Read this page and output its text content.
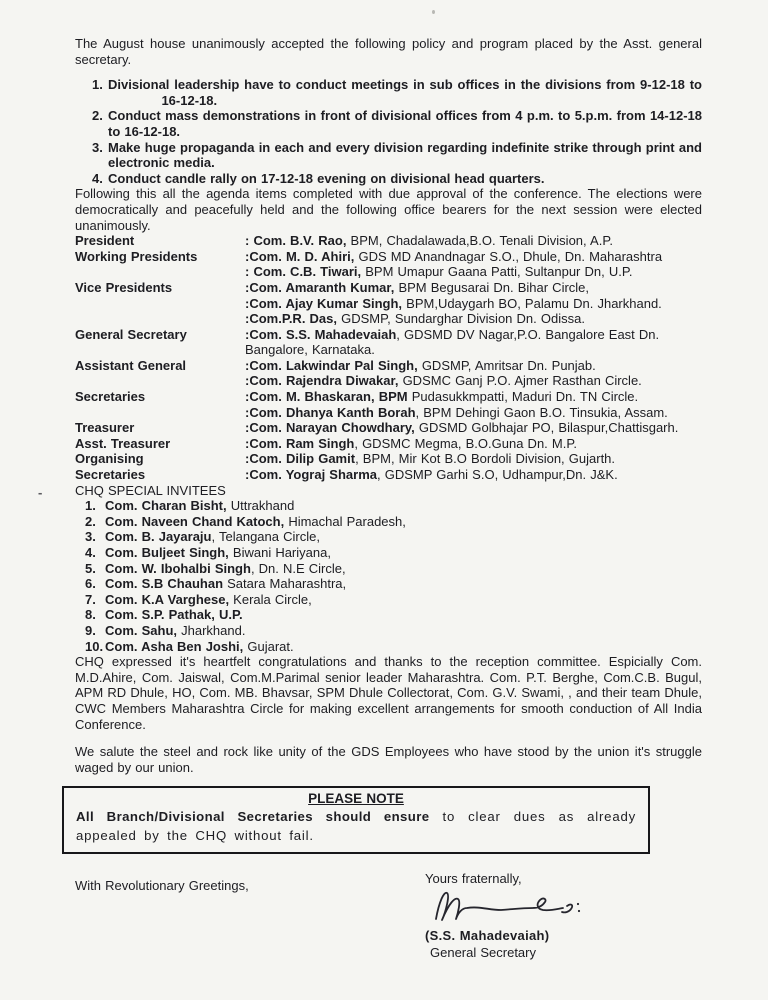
-

The August house unanimously accepted the following policy and program placed by the Asst. general secretary.

1. Divisional leadership have to conduct meetings in sub offices in the divisions from 9-12-18 to              16-12-18.
2. Conduct mass demonstrations in front of divisional offices from 4 p.m. to 5.p.m. from 14-12-18 to 16-12-18.
3. Make huge propaganda in each and every division regarding indefinite strike through print and electronic media.
4. Conduct candle rally on 17-12-18 evening on divisional head quarters.

Following this all the agenda items completed with due approval of the conference. The elections were democratically and peacefully held and the following office bearers for the next session were elected unanimously.

President	: Com. B.V. Rao, BPM, Chadalawada,B.O. Tenali Division, A.P.
Working Presidents	:Com. M. D. Ahiri, GDS MD Anandnagar S.O., Dhule, Dn. Maharashtra
: Com. C.B. Tiwari, BPM Umapur Gaana Patti, Sultanpur Dn, U.P.
Vice Presidents	:Com. Amaranth Kumar, BPM Begusarai Dn. Bihar Circle,
:Com. Ajay Kumar Singh, BPM,Udaygarh BO, Palamu Dn. Jharkhand.
:Com.P.R. Das, GDSMP, Sundarghar Division Dn. Odissa.
General Secretary	:Com. S.S. Mahadevaiah, GDSMD DV Nagar,P.O. Bangalore East Dn. Bangalore, Karnataka.
Assistant General	:Com. Lakwindar Pal Singh, GDSMP, Amritsar Dn. Punjab.
:Com. Rajendra Diwakar, GDSMC Ganj P.O. Ajmer Rasthan Circle.
Secretaries	:Com. M. Bhaskaran, BPM Pudasukkmpatti, Maduri Dn. TN Circle.
:Com. Dhanya Kanth Borah, BPM Dehingi Gaon B.O. Tinsukia, Assam.
Treasurer	:Com. Narayan Chowdhary, GDSMD Golbhajar PO, Bilaspur,Chattisgarh.
Asst. Treasurer	:Com. Ram Singh, GDSMC Megma, B.O.Guna Dn. M.P.
Organising	:Com. Dilip Gamit, BPM, Mir Kot B.O Bordoli Division, Gujarth.
Secretaries	:Com. Yograj Sharma, GDSMP Garhi S.O, Udhampur,Dn. J&K.
CHQ SPECIAL INVITEES
1. Com. Charan Bisht, Uttrakhand
2. Com. Naveen Chand Katoch, Himachal Paradesh,
3. Com. B. Jayaraju, Telangana Circle,
4. Com. Buljeet Singh, Biwani Hariyana,
5. Com. W. Ibohalbi Singh, Dn. N.E Circle,
6. Com. S.B Chauhan Satara Maharashtra,
7. Com. K.A Varghese, Kerala Circle,
8. Com. S.P. Pathak, U.P.
9. Com. Sahu, Jharkhand.
10. Com. Asha Ben Joshi, Gujarat.

CHQ expressed it's heartfelt congratulations and thanks to the reception committee. Espicially Com. M.D.Ahire, Com. Jaiswal, Com.M.Parimal senior leader Maharashtra. Com. P.T. Berghe, Com.C.B. Bugul, APM RD Dhule, HO, Com. MB. Bhavsar, SPM Dhule Collectorat, Com. G.V. Swami, , and their team Dhule, CWC Members Maharashtra Circle for making excellent arrangements for smooth conduction of All India Conference.

We salute the steel and rock like unity of the GDS Employees who have stood by the union it's struggle waged by our union.

PLEASE NOTE

All Branch/Divisional Secretaries should ensure to clear dues as already appealed by the CHQ without fail.

With Revolutionary Greetings,	Yours fraternally,
(S.S. Mahadevaiah)
General Secretary
